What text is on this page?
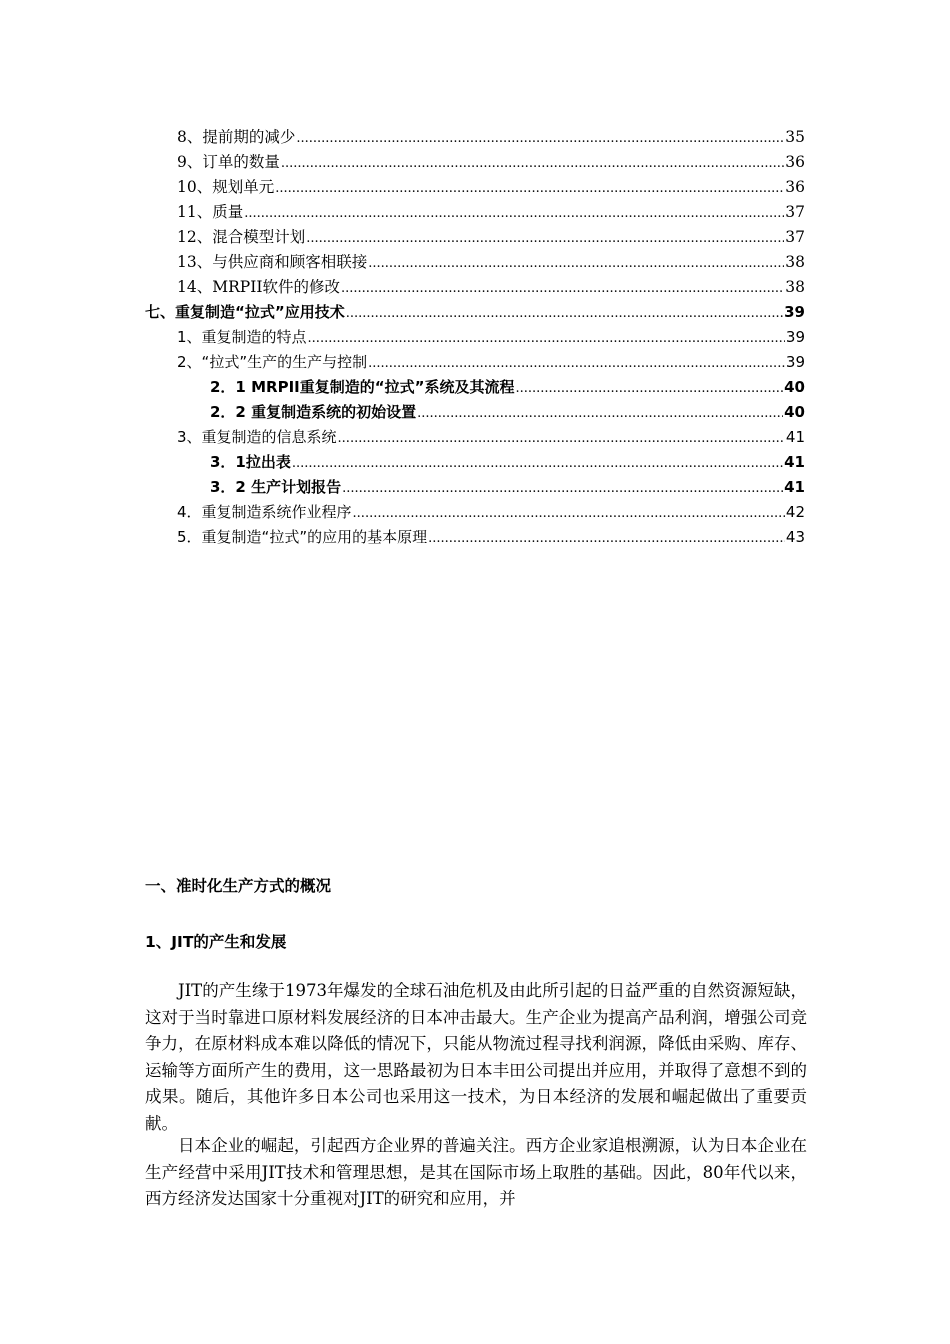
8、提前期的减少 .....	35
9、订单的数量 .....	36
10、规划单元 .....	36
11、质量 .....	37
12、混合模型计划 .....	37
13、与供应商和顾客相联接 .....	38
14、MRPII软件的修改 .....	38
七、重复制造“拉式”应用技术 .....	39
1、重复制造的特点 .....	39
2、“拉式”生产的生产与控制 .....	39
2．1 MRPII重复制造的“拉式”系统及其流程 .....	40
2．2 重复制造系统的初始设置 .....	40
3、重复制造的信息系统 .....	41
3．1拉出表 .....	41
3．2 生产计划报告 .....	41
4．重复制造系统作业程序 .....	42
5．重复制造“拉式”的应用的基本原理 .....	43
一、准时化生产方式的概况
1、JIT的产生和发展

JIT的产生缘于1973年爆发的全球石油危机及由此所引起的日益严重的自然资源短缺，这对于当时靠进口原材料发展经济的日本冲击最大。生产企业为提高产品利润，增强公司竞争力，在原材料成本难以降低的情况下，只能从物流过程寻找利润源，降低由采购、库存、运输等方面所产生的费用，这一思路最初为日本丰田公司提出并应用，并取得了意想不到的成果。随后，其他许多日本公司也采用这一技术，为日本经济的发展和崛起做出了重要贡献。

日本企业的崛起，引起西方企业界的普遍关注。西方企业家追根溯源，认为日本企业在生产经营中采用JIT技术和管理思想，是其在国际市场上取胜的基础。因此，80年代以来，西方经济发达国家十分重视对JIT的研究和应用，并
